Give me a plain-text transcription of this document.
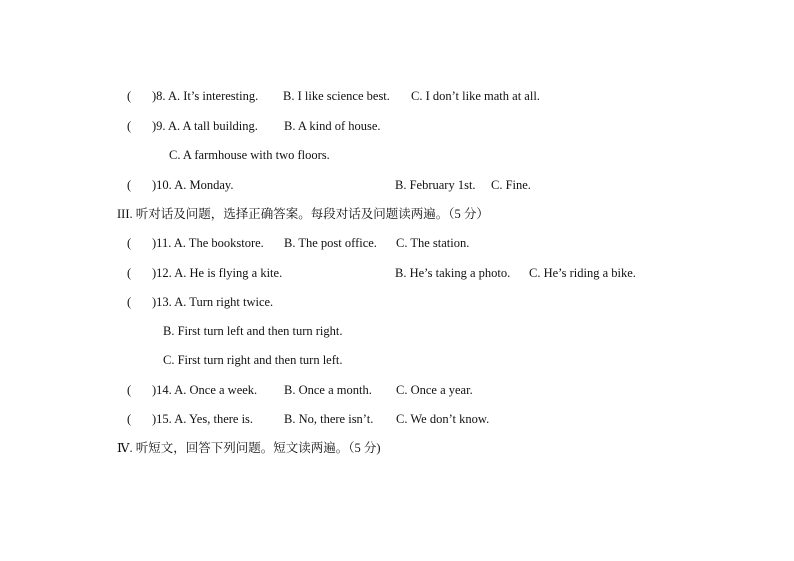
( )8. A. It’s interesting. B. I like science best. C. I don’t like math at all.
( )9. A. A tall building. B. A kind of house.
C. A farmhouse with two floors.
( )10. A. Monday.	B. February 1st. C. Fine.
III. 听对话及问题，选择正确答案。每段对话及问题读两遍。（5 分）
( )11. A. The bookstore. B. The post office. C. The station.
( )12. A. He is flying a kite.	B. He’s taking a photo. C. He’s riding a bike.
( )13. A. Turn right twice.
B. First turn left and then turn right.
C. First turn right and then turn left.
( )14. A. Once a week. B. Once a month. C. Once a year.
( )15. A. Yes, there is. B. No, there isn’t. C. We don’t know.
Ⅳ. 听短文，回答下列问题。短文读两遍。（5 分)
